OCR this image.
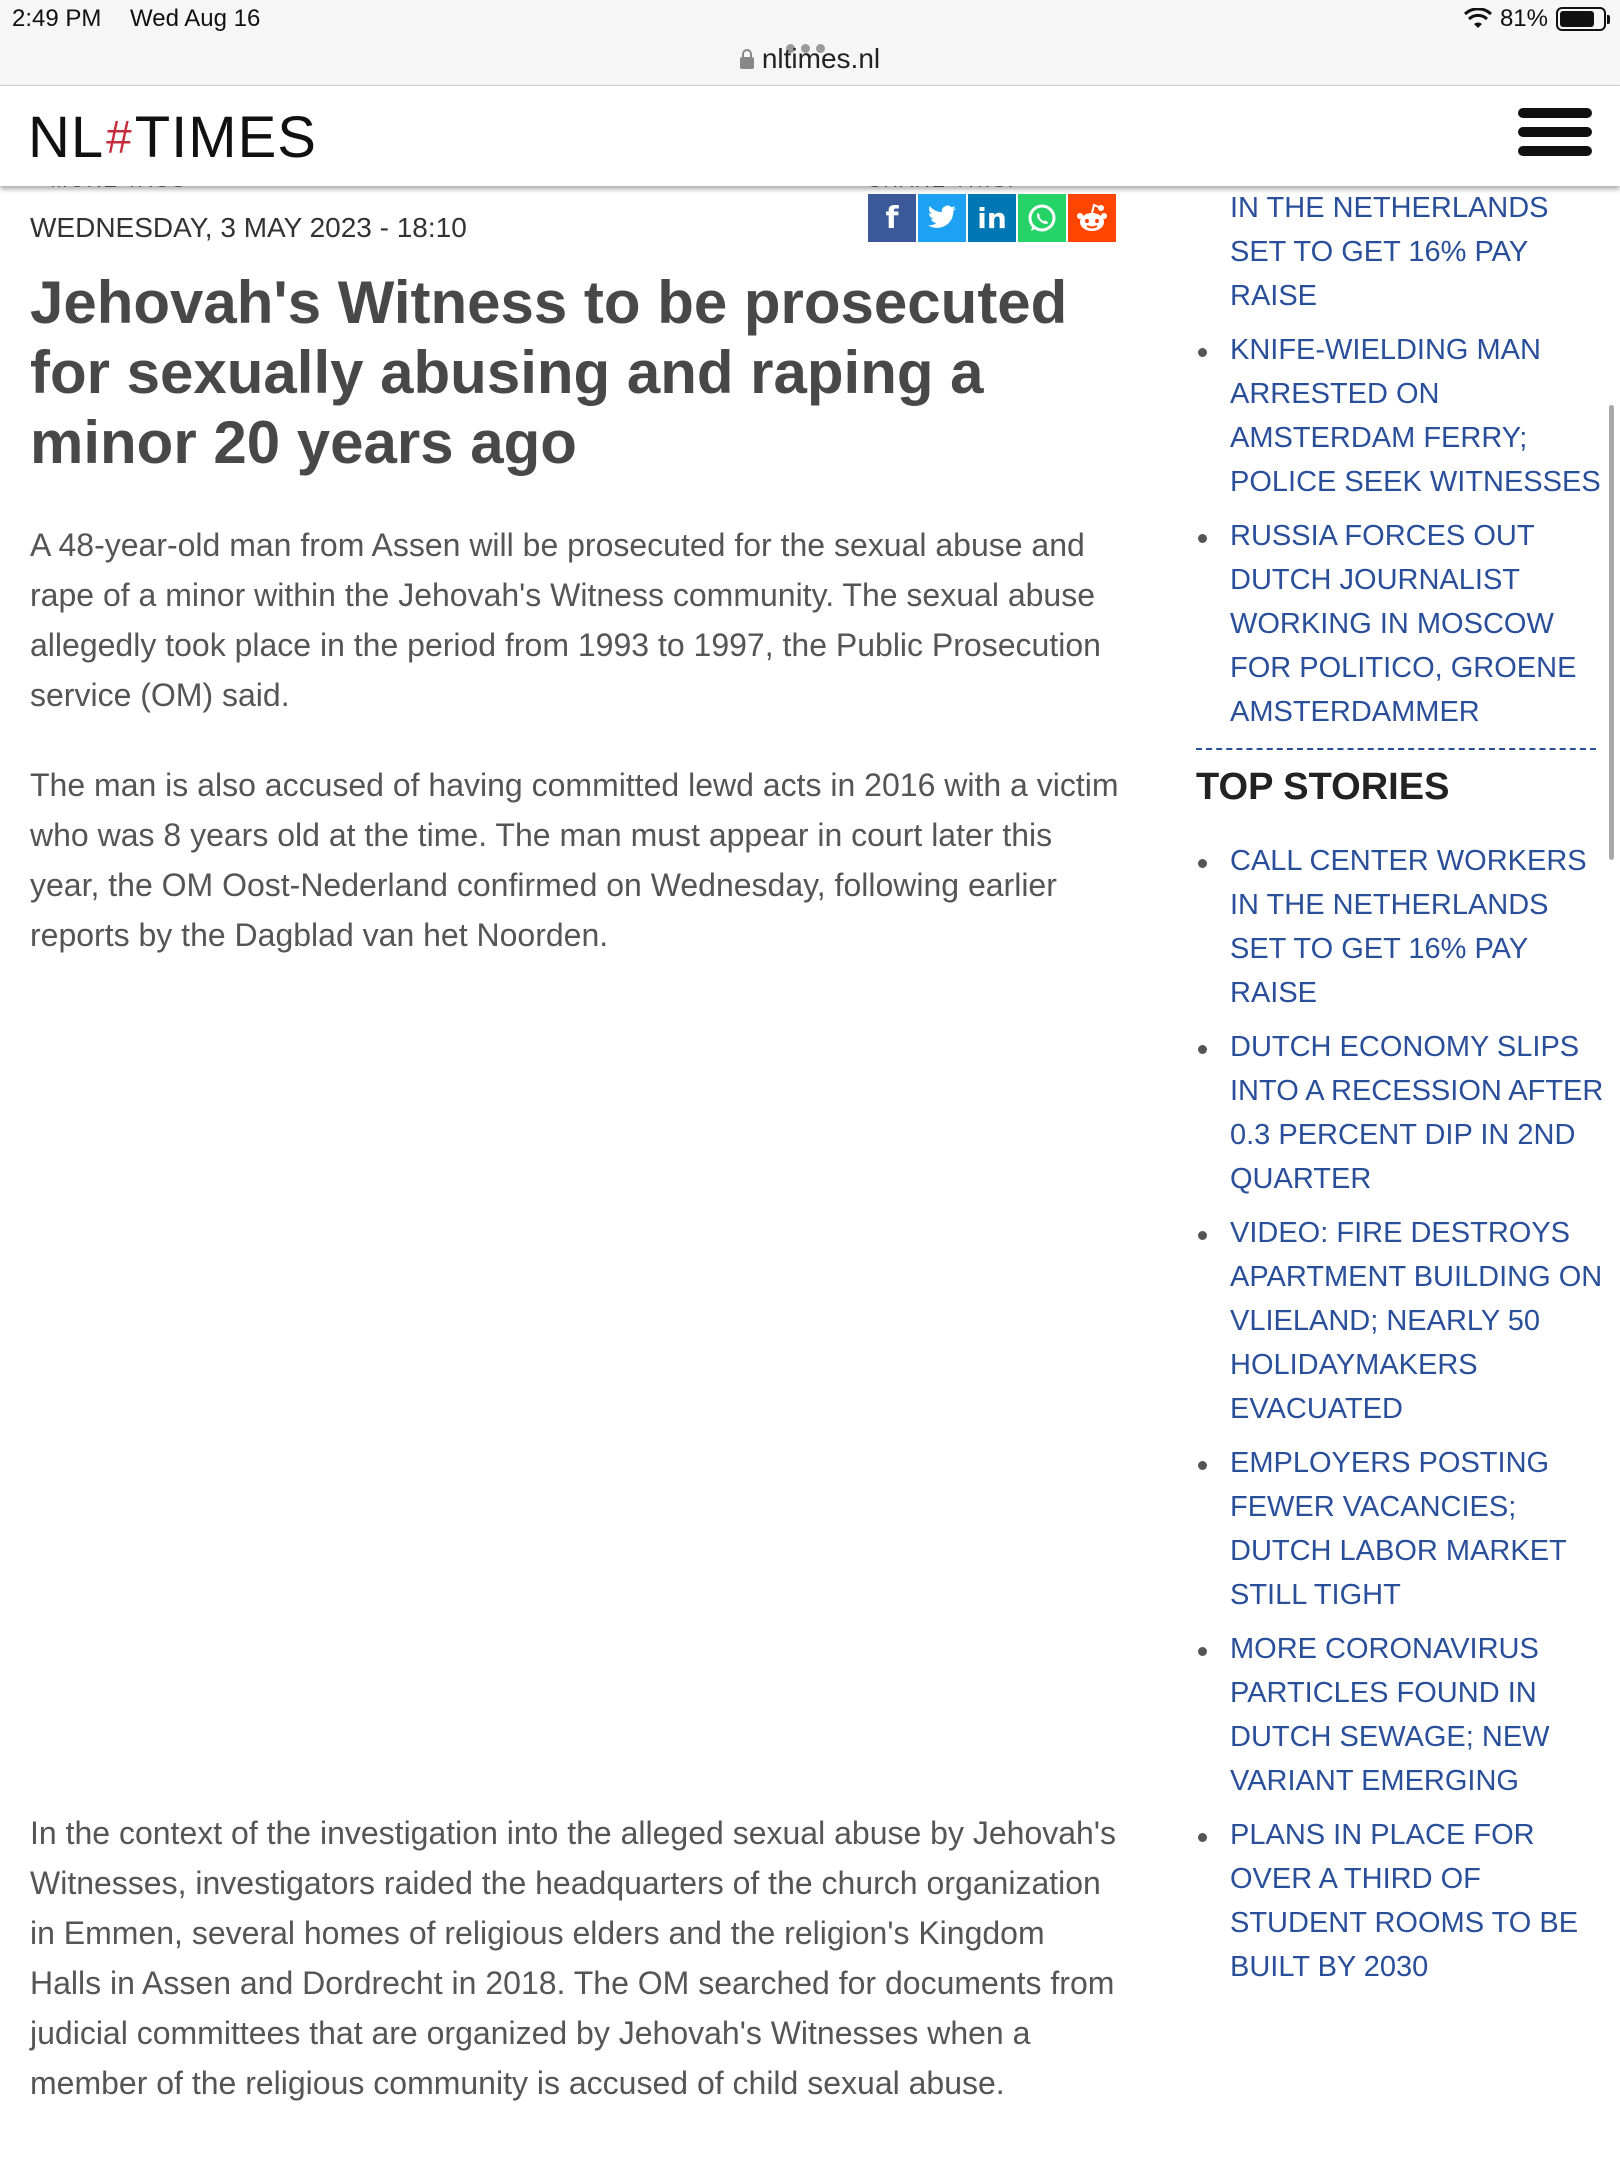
2:49 PM Wed Aug 16	81%
nltimes.nl
NL#TIMES
WEDNESDAY, 3 MAY 2023 - 18:10	f	in
Jehovah's Witness to be prosecuted for sexually abusing and raping a minor 20 years ago

A 48-year-old man from Assen will be prosecuted for the sexual abuse and rape of a minor within the Jehovah's Witness community. The sexual abuse allegedly took place in the period from 1993 to 1997, the Public Prosecution service (OM) said.

The man is also accused of having committed lewd acts in 2016 with a victim who was 8 years old at the time. The man must appear in court later this year, the OM Oost-Nederland confirmed on Wednesday, following earlier reports by the Dagblad van het Noorden.

In the context of the investigation into the alleged sexual abuse by Jehovah's Witnesses, investigators raided the headquarters of the church organization in Emmen, several homes of religious elders and the religion's Kingdom Halls in Assen and Dordrecht in 2018. The OM searched for documents from judicial committees that are organized by Jehovah's Witnesses when a member of the religious community is accused of child sexual abuse.

IN THE NETHERLANDS SET TO GET 16% PAY RAISE
KNIFE-WIELDING MAN ARRESTED ON AMSTERDAM FERRY; POLICE SEEK WITNESSES
RUSSIA FORCES OUT DUTCH JOURNALIST WORKING IN MOSCOW FOR POLITICO, GROENE AMSTERDAMMER
TOP STORIES
CALL CENTER WORKERS IN THE NETHERLANDS SET TO GET 16% PAY RAISE
DUTCH ECONOMY SLIPS INTO A RECESSION AFTER 0.3 PERCENT DIP IN 2ND QUARTER
VIDEO: FIRE DESTROYS APARTMENT BUILDING ON VLIELAND; NEARLY 50 HOLIDAYMAKERS EVACUATED
EMPLOYERS POSTING FEWER VACANCIES; DUTCH LABOR MARKET STILL TIGHT
MORE CORONAVIRUS PARTICLES FOUND IN DUTCH SEWAGE; NEW VARIANT EMERGING
PLANS IN PLACE FOR OVER A THIRD OF STUDENT ROOMS TO BE BUILT BY 2030
